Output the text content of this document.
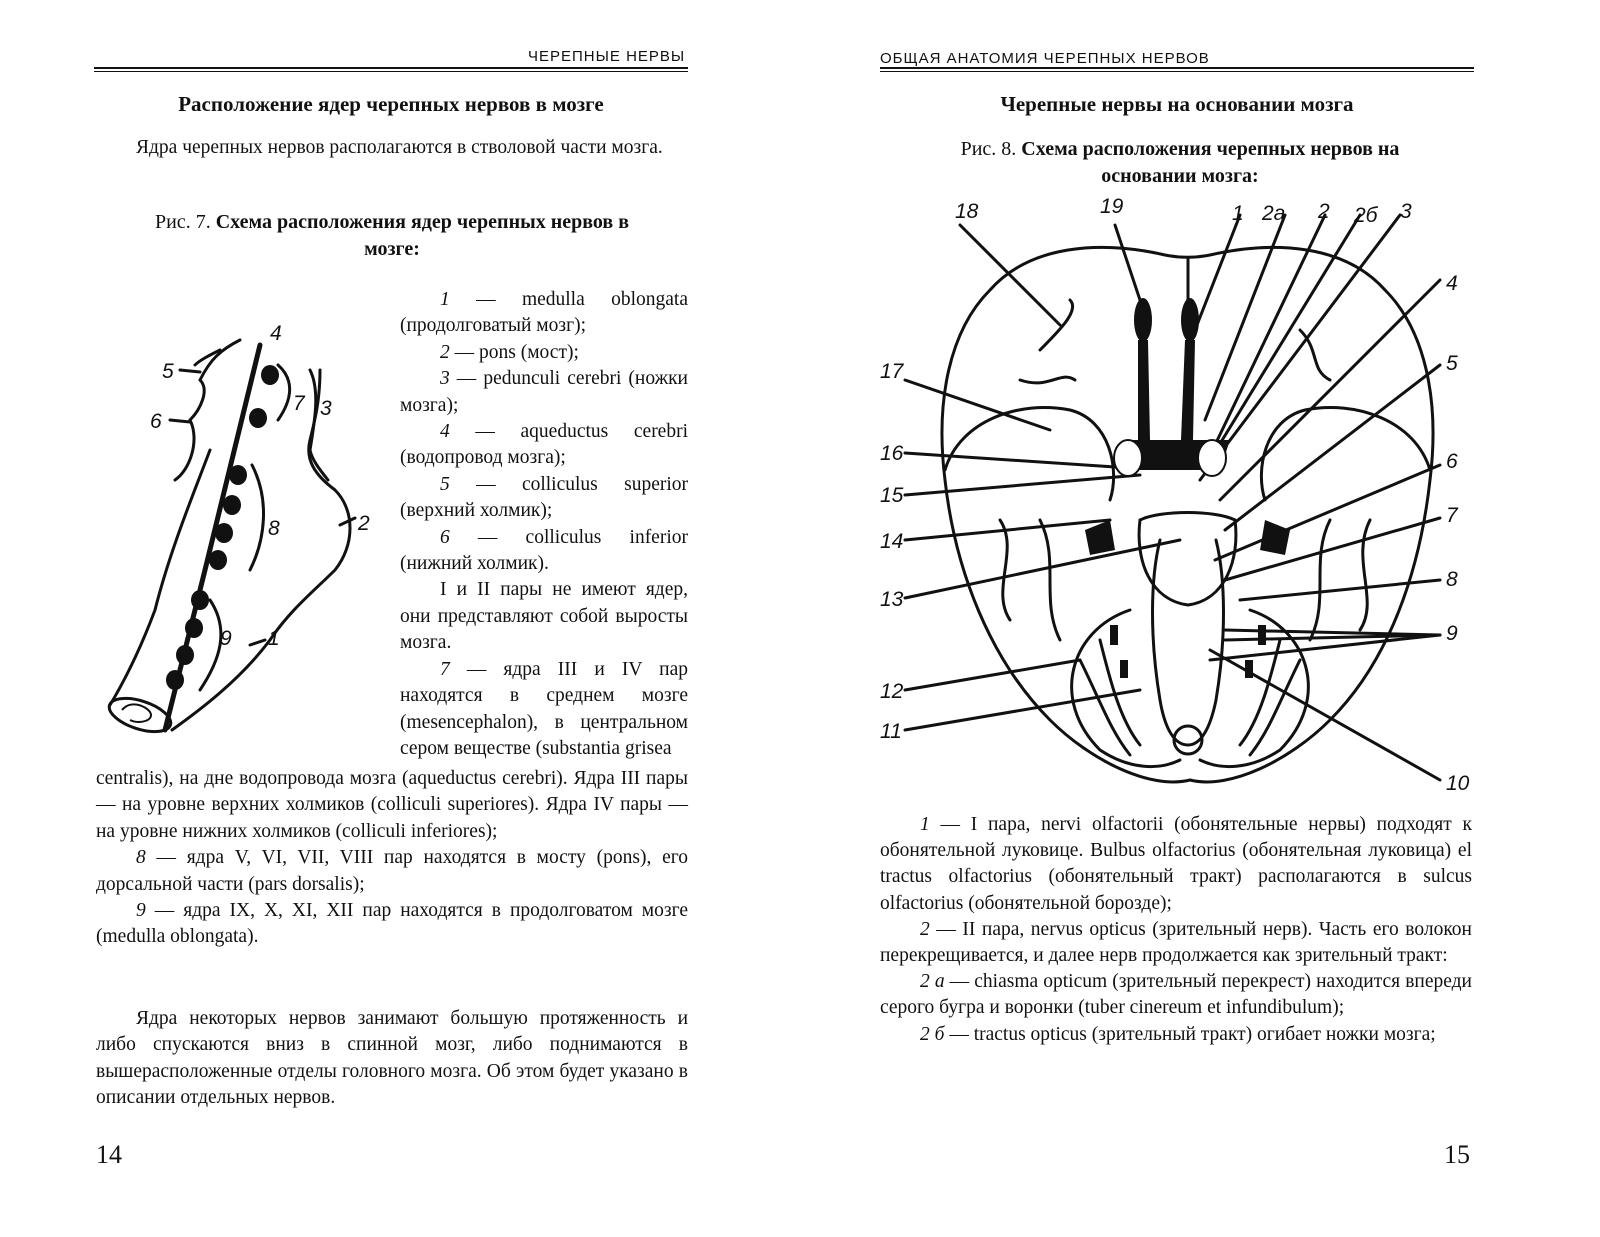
ЧЕРЕПНЫЕ НЕРВЫ
Расположение ядер черепных нервов в мозге
Ядра черепных нервов располагаются в стволовой части мозга.
Рис. 7. Схема расположения ядер черепных нервов в мозге:
4
5
6
7 3
8	2
9 1

1 — medulla oblongata (продолговатый мозг);

2 — pons (мост);

3 — pedunculi cerebri (ножки мозга);

4 — aqueductus cerebri (водопровод мозга);

5 — colliculus superior (верхний холмик);

6 — colliculus inferior (нижний холмик).

I и II пары не имеют ядер, они представляют собой выросты мозга.

7 — ядра III и IV пар находятся в среднем мозге (mesencephalon), в центральном сером веществе (substantia grisea

centralis), на дне водопровода мозга (aqueductus cerebri). Ядра III пары — на уровне верхних холмиков (colliculi superiores). Ядра IV пары — на уровне нижних холмиков (colliculi inferiores);

8 — ядра V, VI, VII, VIII пар находятся в мосту (pons), его дорсальной части (pars dorsalis);

9 — ядра IX, X, XI, XII пар находятся в продолговатом мозге (medulla oblongata).

Ядра некоторых нервов занимают большую протяженность и либо спускаются вниз в спинной мозг, либо поднимаются в вышерасположенные отделы головного мозга. Об этом будет указано в описании отдельных нервов.
14
ОБЩАЯ АНАТОМИЯ ЧЕРЕПНЫХ НЕРВОВ
Черепные нервы на основании мозга
Рис. 8. Схема расположения черепных нервов на основании мозга:
18	19	1 2а 2 2б 3
4
5
6
7
8
9
10
11
12
13
14
15
16
17

1 — I пара, nervi olfactorii (обонятельные нервы) подходят к обонятельной луковице. Bulbus olfactorius (обонятельная луковица) el tractus olfactorius (обонятельный тракт) располагаются в sulcus olfactorius (обонятельной борозде);

2 — II пара, nervus opticus (зрительный нерв). Часть его волокон перекрещивается, и далее нерв продолжается как зрительный тракт:

2 а — chiasma opticum (зрительный перекрест) находится впереди серого бугра и воронки (tuber cinereum et infundibulum);

2 б — tractus opticus (зрительный тракт) огибает ножки мозга;

15
